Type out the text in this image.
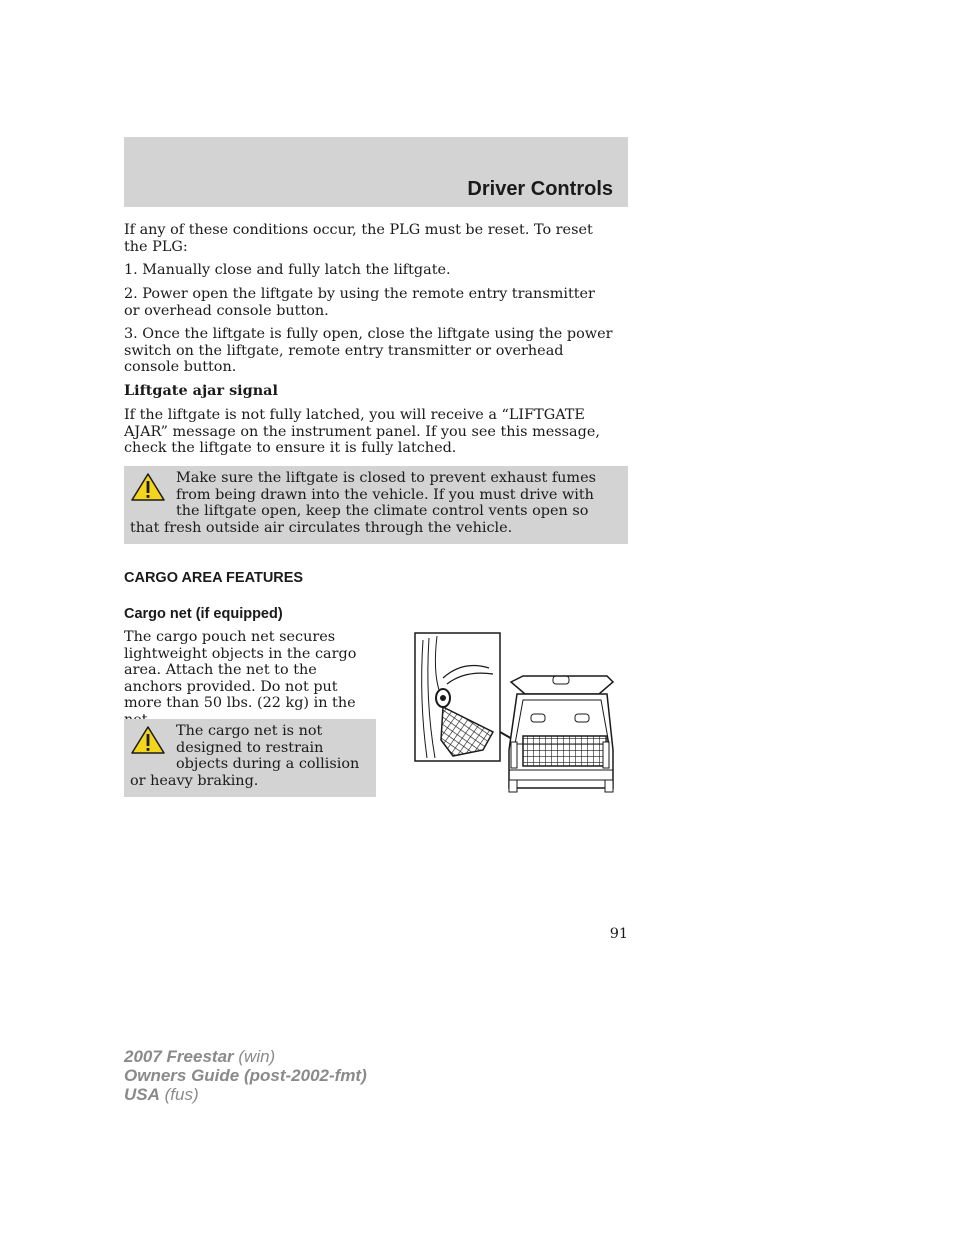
Driver Controls

If any of these conditions occur, the PLG must be reset. To reset the PLG:

1. Manually close and fully latch the liftgate.

2. Power open the liftgate by using the remote entry transmitter or overhead console button.

3. Once the liftgate is fully open, close the liftgate using the power switch on the liftgate, remote entry transmitter or overhead console button.

Liftgate ajar signal

If the liftgate is not fully latched, you will receive a “LIFTGATE AJAR” message on the instrument panel. If you see this message, check the liftgate to ensure it is fully latched.

Make sure the liftgate is closed to prevent exhaust fumes from being drawn into the vehicle. If you must drive with the liftgate open, keep the climate control vents open so that fresh outside air circulates through the vehicle.
CARGO AREA FEATURES
Cargo net (if equipped)

The cargo pouch net secures lightweight objects in the cargo area. Attach the net to the anchors provided. Do not put more than 50 lbs. (22 kg) in the

The cargo net is not designed to restrain objects during a collision or heavy braking.
91
2007 Freestar (win)
Owners Guide (post-2002-fmt)
USA (fus)
